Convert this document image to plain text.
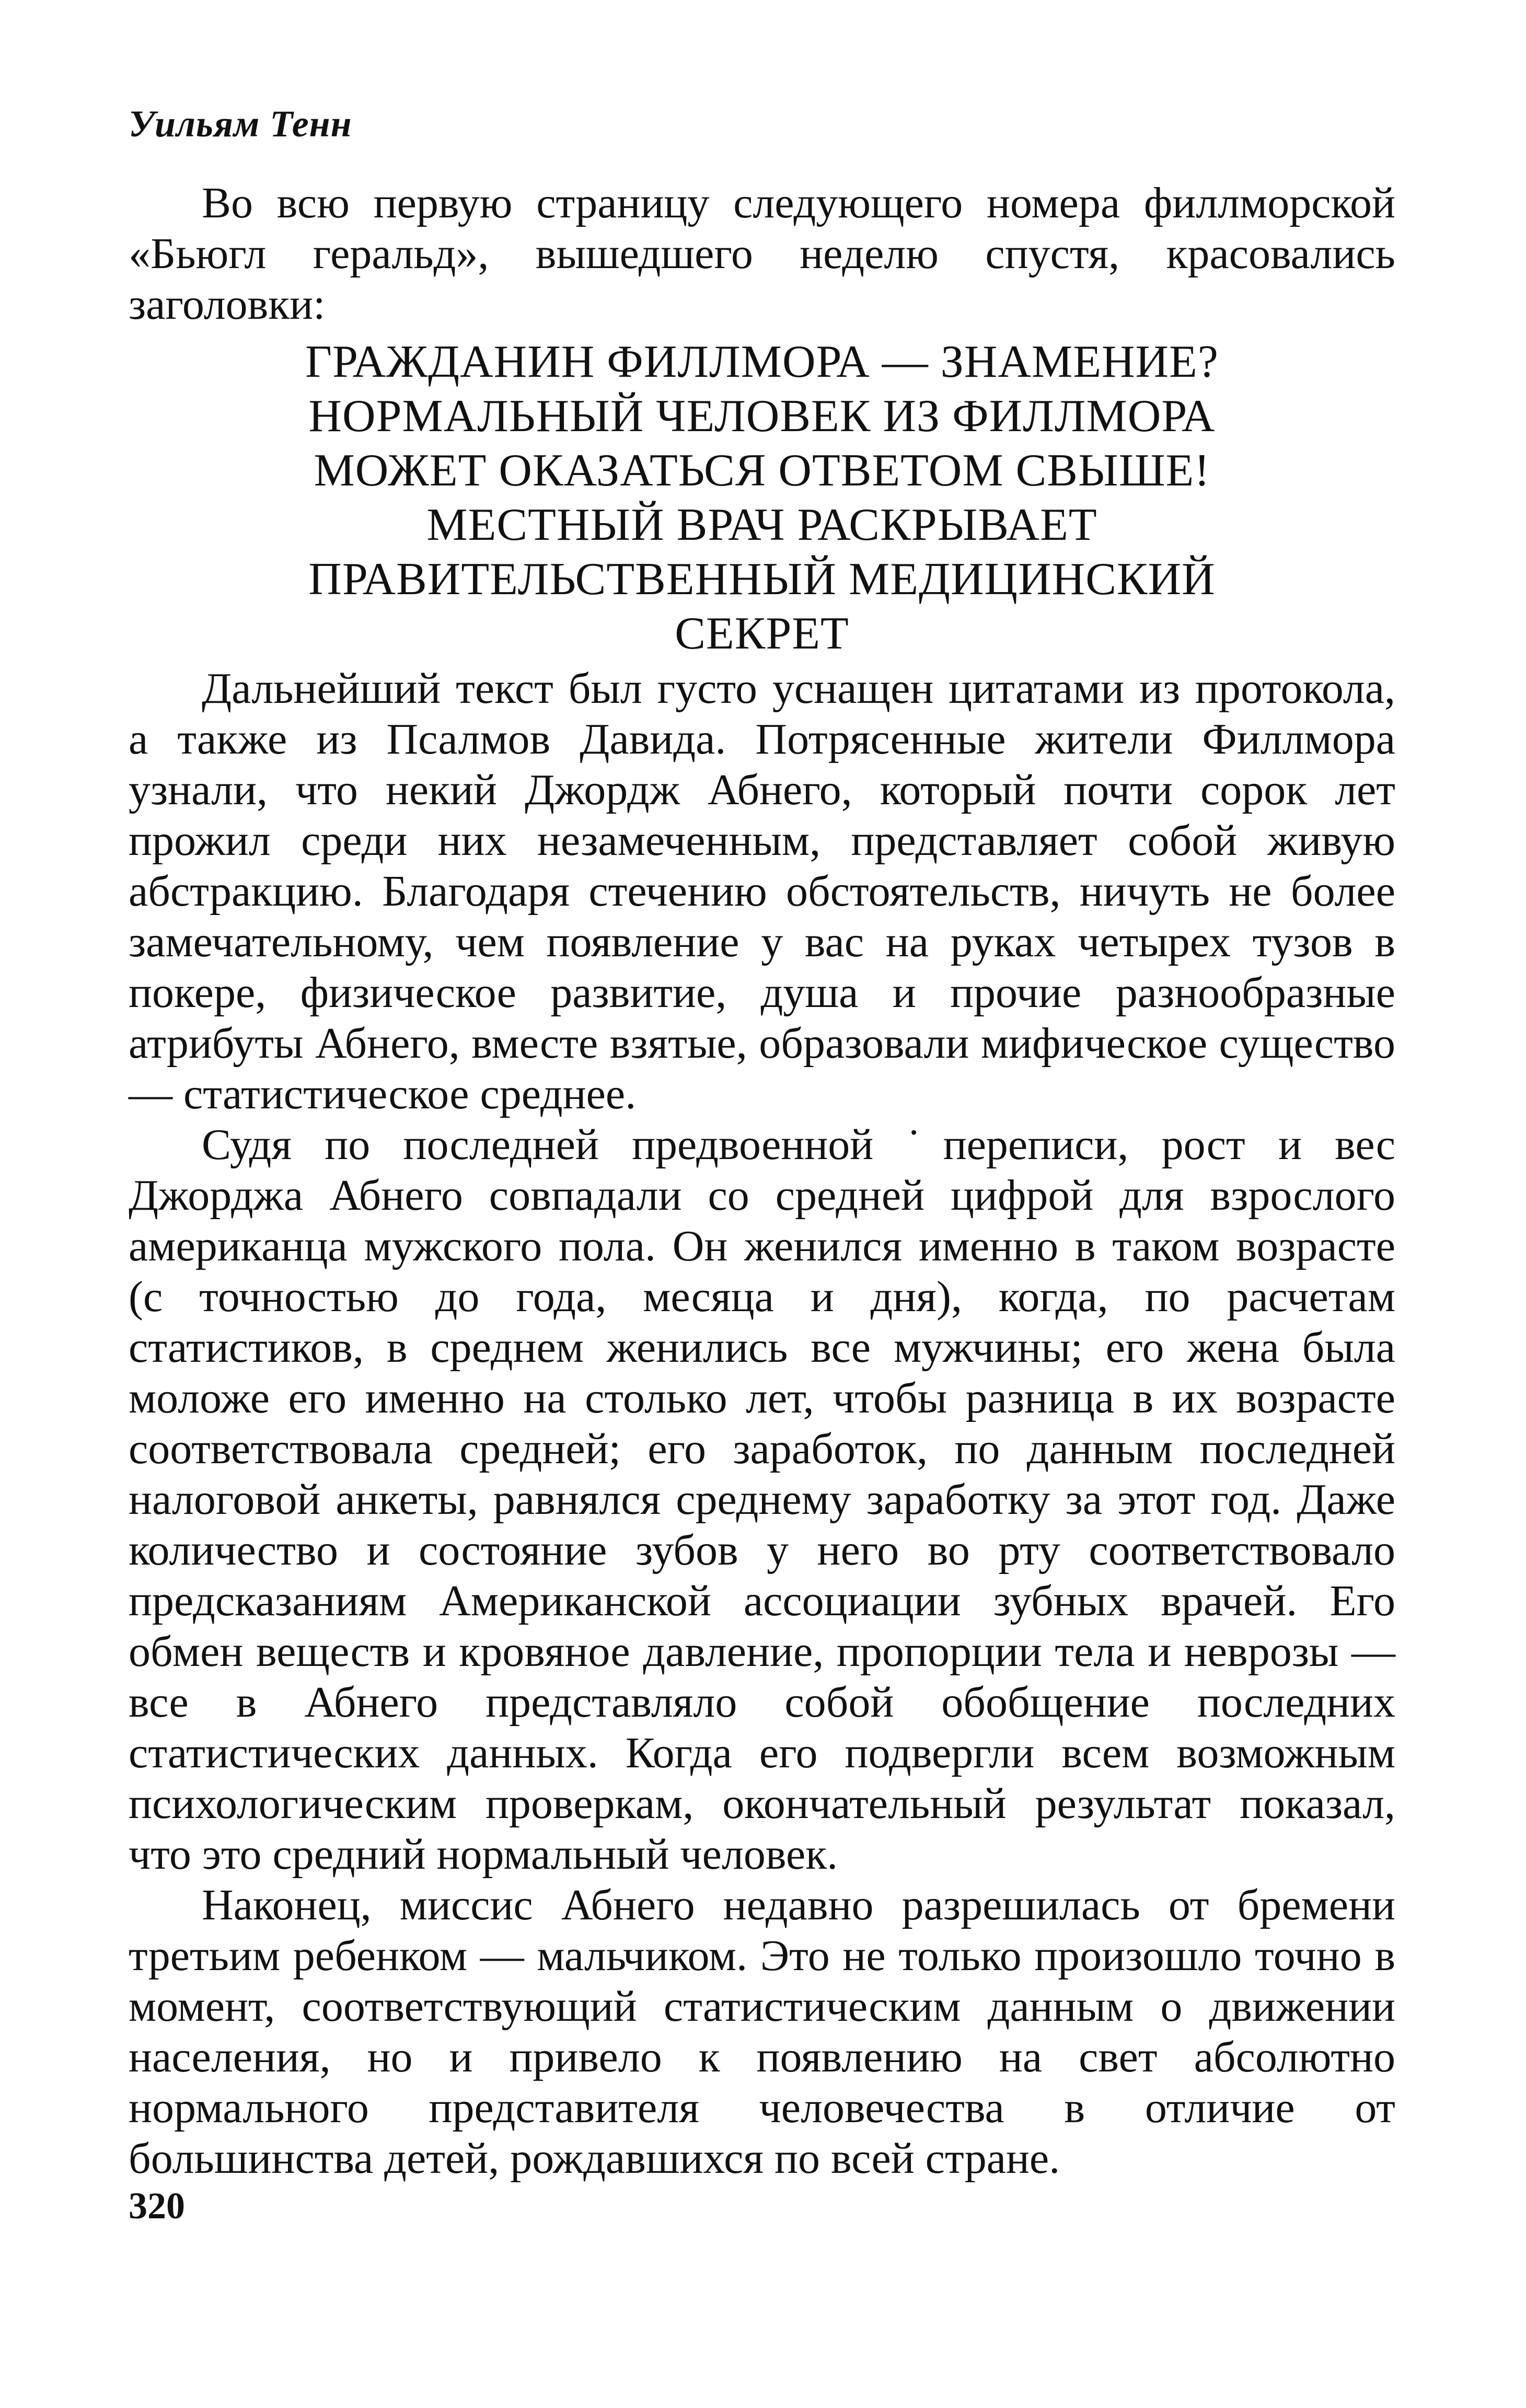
Уильям Тенн

Во всю первую страницу следующего номера филлморской «Бьюгл геральд», вышедшего неделю спустя, красовались заголовки:

ГРАЖДАНИН ФИЛЛМОРА — ЗНАМЕНИЕ?
НОРМАЛЬНЫЙ ЧЕЛОВЕК ИЗ ФИЛЛМОРА
МОЖЕТ ОКАЗАТЬСЯ ОТВЕТОМ СВЫШЕ!
МЕСТНЫЙ ВРАЧ РАСКРЫВАЕТ
ПРАВИТЕЛЬСТВЕННЫЙ МЕДИЦИНСКИЙ
СЕКРЕТ

Дальнейший текст был густо уснащен цитатами из протокола, а также из Псалмов Давида. Потрясенные жители Филлмора узнали, что некий Джордж Абнего, который почти сорок лет прожил среди них незамеченным, представляет собой живую абстракцию. Благодаря стечению обстоятельств, ничуть не более замечательному, чем появление у вас на руках четырех тузов в покере, физическое развитие, душа и прочие разнообразные атрибуты Абнего, вместе взятые, образовали мифическое существо — статистическое среднее.

Судя по последней предвоенной ˙переписи, рост и вес Джорджа Абнего совпадали со средней цифрой для взрослого американца мужского пола. Он женился именно в таком возрасте (с точностью до года, месяца и дня), когда, по расчетам статистиков, в среднем женились все мужчины; его жена была моложе его именно на столько лет, чтобы разница в их возрасте соответствовала средней; его заработок, по данным последней налоговой анкеты, равнялся среднему заработку за этот год. Даже количество и состояние зубов у него во рту соответствовало предсказаниям Американской ассоциации зубных врачей. Его обмен веществ и кровяное давление, пропорции тела и неврозы — все в Абнего представляло собой обобщение последних статистических данных. Когда его подвергли всем возможным психологическим проверкам, окончательный результат показал, что это средний нормальный человек.

Наконец, миссис Абнего недавно разрешилась от бремени третьим ребенком — мальчиком. Это не только произошло точно в момент, соответствующий статистическим данным о движении населения, но и привело к появлению на свет абсолютно нормального представителя человечества в отличие от большинства детей, рождавшихся по всей стране.

320
